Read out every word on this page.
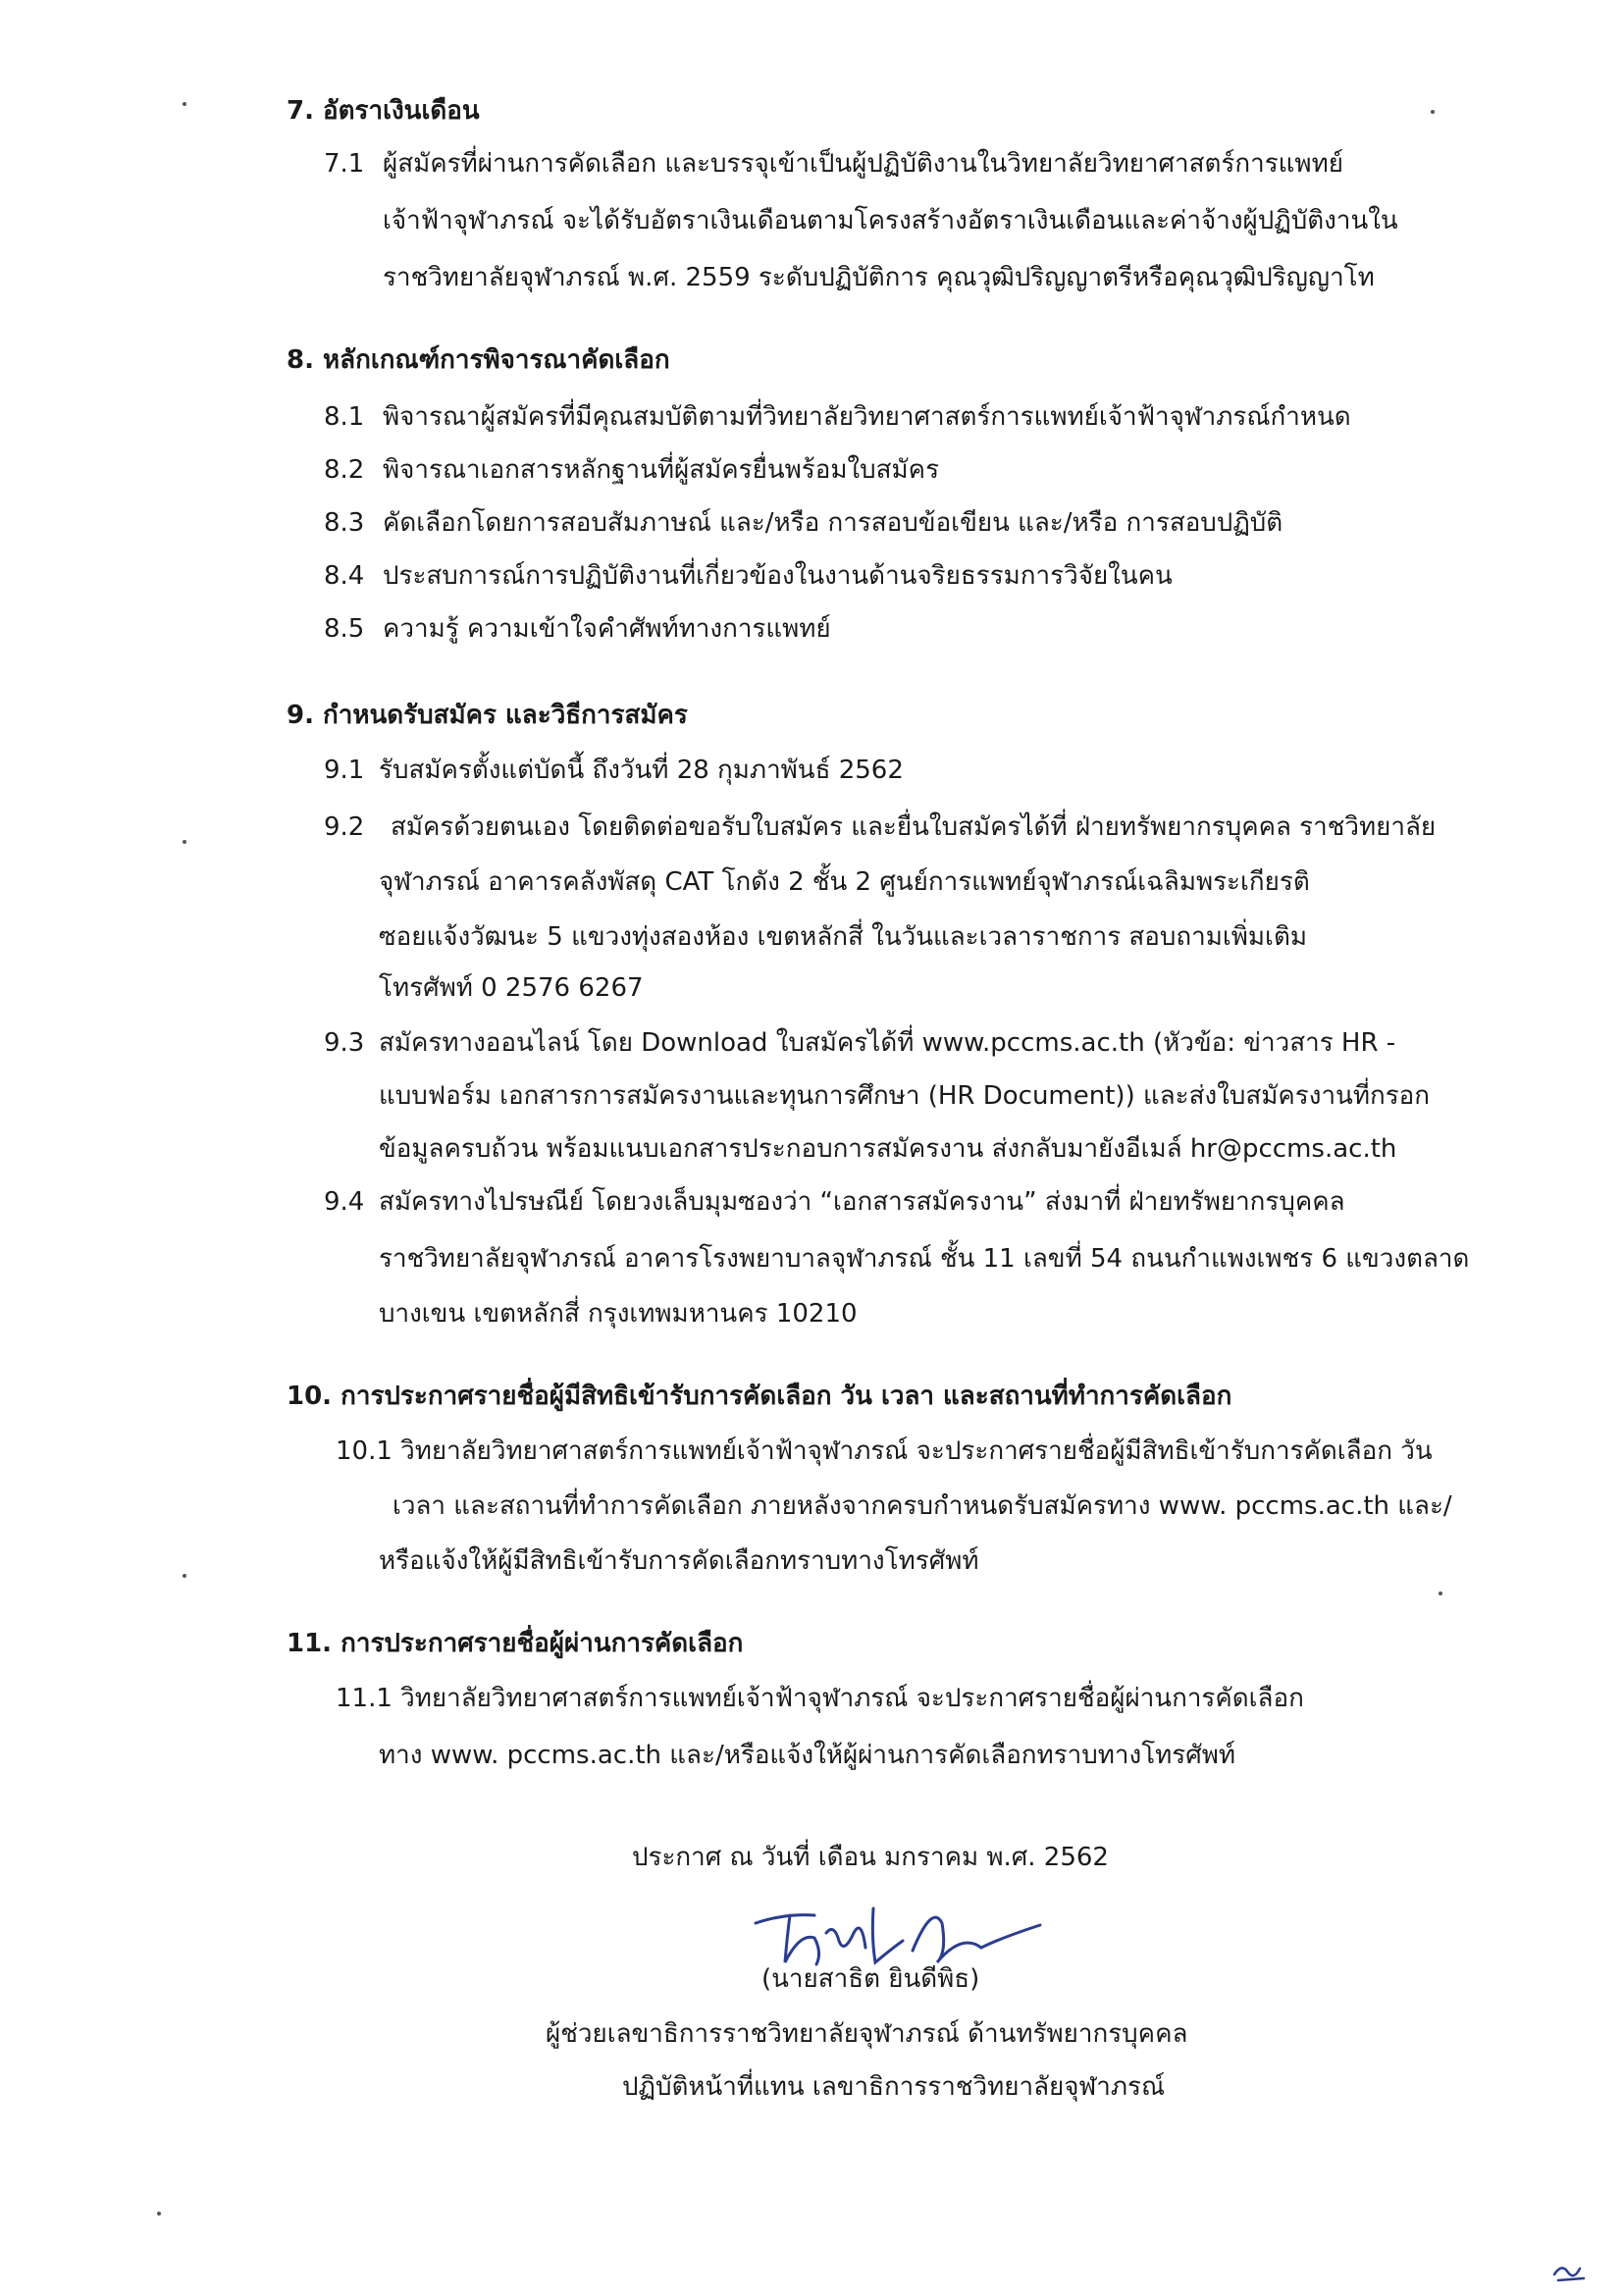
7. อัตราเงินเดือน
7.1 ผู้สมัครที่ผ่านการคัดเลือก และบรรจุเข้าเป็นผู้ปฏิบัติงานในวิทยาลัยวิทยาศาสตร์การแพทย์
เจ้าฟ้าจุฬาภรณ์ จะได้รับอัตราเงินเดือนตามโครงสร้างอัตราเงินเดือนและค่าจ้างผู้ปฏิบัติงานใน
ราชวิทยาลัยจุฬาภรณ์ พ.ศ. 2559 ระดับปฏิบัติการ คุณวุฒิปริญญาตรีหรือคุณวุฒิปริญญาโท
8. หลักเกณฑ์การพิจารณาคัดเลือก
8.1 พิจารณาผู้สมัครที่มีคุณสมบัติตามที่วิทยาลัยวิทยาศาสตร์การแพทย์เจ้าฟ้าจุฬาภรณ์กำหนด
8.2 พิจารณาเอกสารหลักฐานที่ผู้สมัครยื่นพร้อมใบสมัคร
8.3 คัดเลือกโดยการสอบสัมภาษณ์ และ/หรือ การสอบข้อเขียน และ/หรือ การสอบปฏิบัติ
8.4 ประสบการณ์การปฏิบัติงานที่เกี่ยวข้องในงานด้านจริยธรรมการวิจัยในคน
8.5 ความรู้ ความเข้าใจคำศัพท์ทางการแพทย์
9. กำหนดรับสมัคร และวิธีการสมัคร
9.1 รับสมัครตั้งแต่บัดนี้ ถึงวันที่ 28 กุมภาพันธ์ 2562
9.2 สมัครด้วยตนเอง โดยติดต่อขอรับใบสมัคร และยื่นใบสมัครได้ที่ ฝ่ายทรัพยากรบุคคล ราชวิทยาลัย
จุฬาภรณ์ อาคารคลังพัสดุ CAT โกดัง 2 ชั้น 2 ศูนย์การแพทย์จุฬาภรณ์เฉลิมพระเกียรติ
ซอยแจ้งวัฒนะ 5 แขวงทุ่งสองห้อง เขตหลักสี่ ในวันและเวลาราชการ สอบถามเพิ่มเติม
โทรศัพท์ 0 2576 6267
9.3 สมัครทางออนไลน์ โดย Download ใบสมัครได้ที่ www.pccms.ac.th (หัวข้อ: ข่าวสาร HR -
แบบฟอร์ม เอกสารการสมัครงานและทุนการศึกษา (HR Document)) และส่งใบสมัครงานที่กรอก
ข้อมูลครบถ้วน พร้อมแนบเอกสารประกอบการสมัครงาน ส่งกลับมายังอีเมล์ hr@pccms.ac.th
9.4 สมัครทางไปรษณีย์ โดยวงเล็บมุมซองว่า “เอกสารสมัครงาน” ส่งมาที่ ฝ่ายทรัพยากรบุคคล
ราชวิทยาลัยจุฬาภรณ์ อาคารโรงพยาบาลจุฬาภรณ์ ชั้น 11 เลขที่ 54 ถนนกำแพงเพชร 6 แขวงตลาด
บางเขน เขตหลักสี่ กรุงเทพมหานคร 10210
10. การประกาศรายชื่อผู้มีสิทธิเข้ารับการคัดเลือก วัน เวลา และสถานที่ทำการคัดเลือก
10.1 วิทยาลัยวิทยาศาสตร์การแพทย์เจ้าฟ้าจุฬาภรณ์ จะประกาศรายชื่อผู้มีสิทธิเข้ารับการคัดเลือก วัน
เวลา และสถานที่ทำการคัดเลือก ภายหลังจากครบกำหนดรับสมัครทาง www. pccms.ac.th และ/
หรือแจ้งให้ผู้มีสิทธิเข้ารับการคัดเลือกทราบทางโทรศัพท์
11. การประกาศรายชื่อผู้ผ่านการคัดเลือก
11.1 วิทยาลัยวิทยาศาสตร์การแพทย์เจ้าฟ้าจุฬาภรณ์ จะประกาศรายชื่อผู้ผ่านการคัดเลือก
ทาง www. pccms.ac.th และ/หรือแจ้งให้ผู้ผ่านการคัดเลือกทราบทางโทรศัพท์
ประกาศ ณ วันที่ เดือน มกราคม พ.ศ. 2562
(นายสาธิต ยินดีพิธ)
ผู้ช่วยเลขาธิการราชวิทยาลัยจุฬาภรณ์ ด้านทรัพยากรบุคคล
ปฏิบัติหน้าที่แทน เลขาธิการราชวิทยาลัยจุฬาภรณ์
